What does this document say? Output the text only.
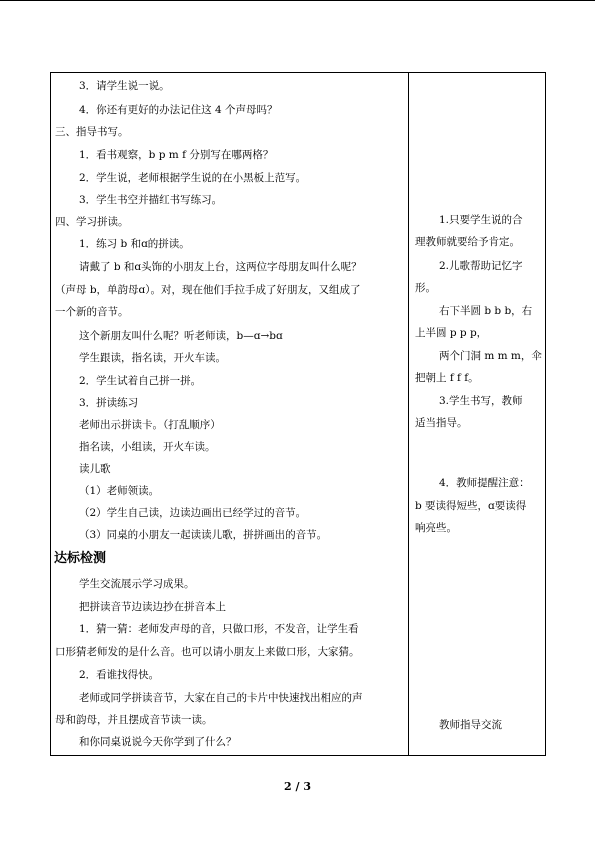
3．请学生说一说。
4．你还有更好的办法记住这 4 个声母吗？
三、指导书写。
1．看书观察，b p m f 分别写在哪两格？
2．学生说，老师根据学生说的在小黑板上范写。
3．学生书空并描红书写练习。
四、学习拼读。
1．练习 b 和ɑ的拼读。
请戴了 b 和ɑ头饰的小朋友上台，这两位字母朋友叫什么呢？
（声母 b，单韵母ɑ）。对，现在他们手拉手成了好朋友，又组成了
一个新的音节。
这个新朋友叫什么呢？听老师读，b—ɑ→bɑ
学生跟读，指名读，开火车读。
2．学生试着自己拼一拼。
3．拼读练习
老师出示拼读卡。（打乱顺序）
指名读，小组读，开火车读。
读儿歌
（1）老师领读。
（2）学生自己读，边读边画出已经学过的音节。
（3）同桌的小朋友一起读读儿歌，拼拼画出的音节。
达标检测
学生交流展示学习成果。
把拼读音节边读边抄在拼音本上
1．猜一猜：老师发声母的音，只做口形，不发音，让学生看
口形猜老师发的是什么音。也可以请小朋友上来做口形，大家猜。
2．看谁找得快。
老师或同学拼读音节，大家在自己的卡片中快速找出相应的声
母和韵母，并且摆成音节读一读。
和你同桌说说今天你学到了什么？
1.只要学生说的合
理教师就要给予肯定。
2.儿歌帮助记忆字
形。
右下半圆 b b b，右
上半圆 p p p，
两个门洞 m m m，伞
把朝上 f f f。
3.学生书写，教师
适当指导。
4．教师提醒注意：
b 要读得短些，ɑ要读得
响亮些。
教师指导交流
2 / 3
